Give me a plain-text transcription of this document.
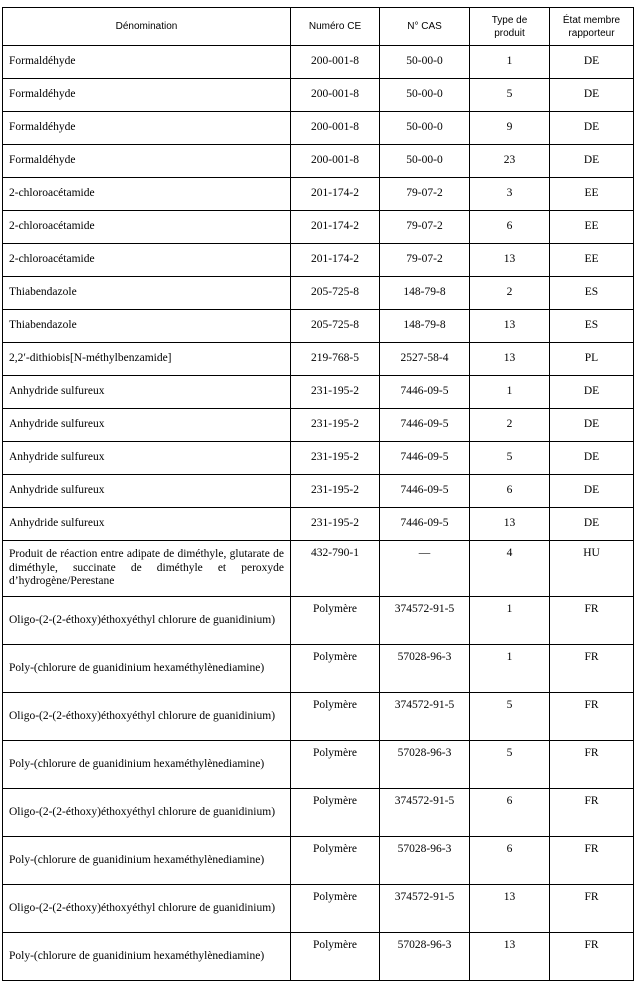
Dénomination	Numéro CE	N° CAS	Type de produit	État membre rapporteur
Formaldéhyde	200-001-8	50-00-0	1	DE
Formaldéhyde	200-001-8	50-00-0	5	DE
Formaldéhyde	200-001-8	50-00-0	9	DE
Formaldéhyde	200-001-8	50-00-0	23	DE
2-chloroacétamide	201-174-2	79-07-2	3	EE
2-chloroacétamide	201-174-2	79-07-2	6	EE
2-chloroacétamide	201-174-2	79-07-2	13	EE
Thiabendazole	205-725-8	148-79-8	2	ES
Thiabendazole	205-725-8	148-79-8	13	ES
2,2′-dithiobis[N-méthylbenzamide]	219-768-5	2527-58-4	13	PL
Anhydride sulfureux	231-195-2	7446-09-5	1	DE
Anhydride sulfureux	231-195-2	7446-09-5	2	DE
Anhydride sulfureux	231-195-2	7446-09-5	5	DE
Anhydride sulfureux	231-195-2	7446-09-5	6	DE
Anhydride sulfureux	231-195-2	7446-09-5	13	DE
Produit de réaction entre adipate de diméthyle, glutarate de diméthyle, succinate de diméthyle et peroxyde d’hydrogène/Perestane	432-790-1	—	4	HU
Oligo-(2-(2-éthoxy)éthoxyéthyl chlorure de guanidinium)	Polymère	374572-91-5	1	FR
Poly-(chlorure de guanidinium hexaméthylènediamine)	Polymère	57028-96-3	1	FR
Oligo-(2-(2-éthoxy)éthoxyéthyl chlorure de guanidinium)	Polymère	374572-91-5	5	FR
Poly-(chlorure de guanidinium hexaméthylènediamine)	Polymère	57028-96-3	5	FR
Oligo-(2-(2-éthoxy)éthoxyéthyl chlorure de guanidinium)	Polymère	374572-91-5	6	FR
Poly-(chlorure de guanidinium hexaméthylènediamine)	Polymère	57028-96-3	6	FR
Oligo-(2-(2-éthoxy)éthoxyéthyl chlorure de guanidinium)	Polymère	374572-91-5	13	FR
Poly-(chlorure de guanidinium hexaméthylènediamine)	Polymère	57028-96-3	13	FR
